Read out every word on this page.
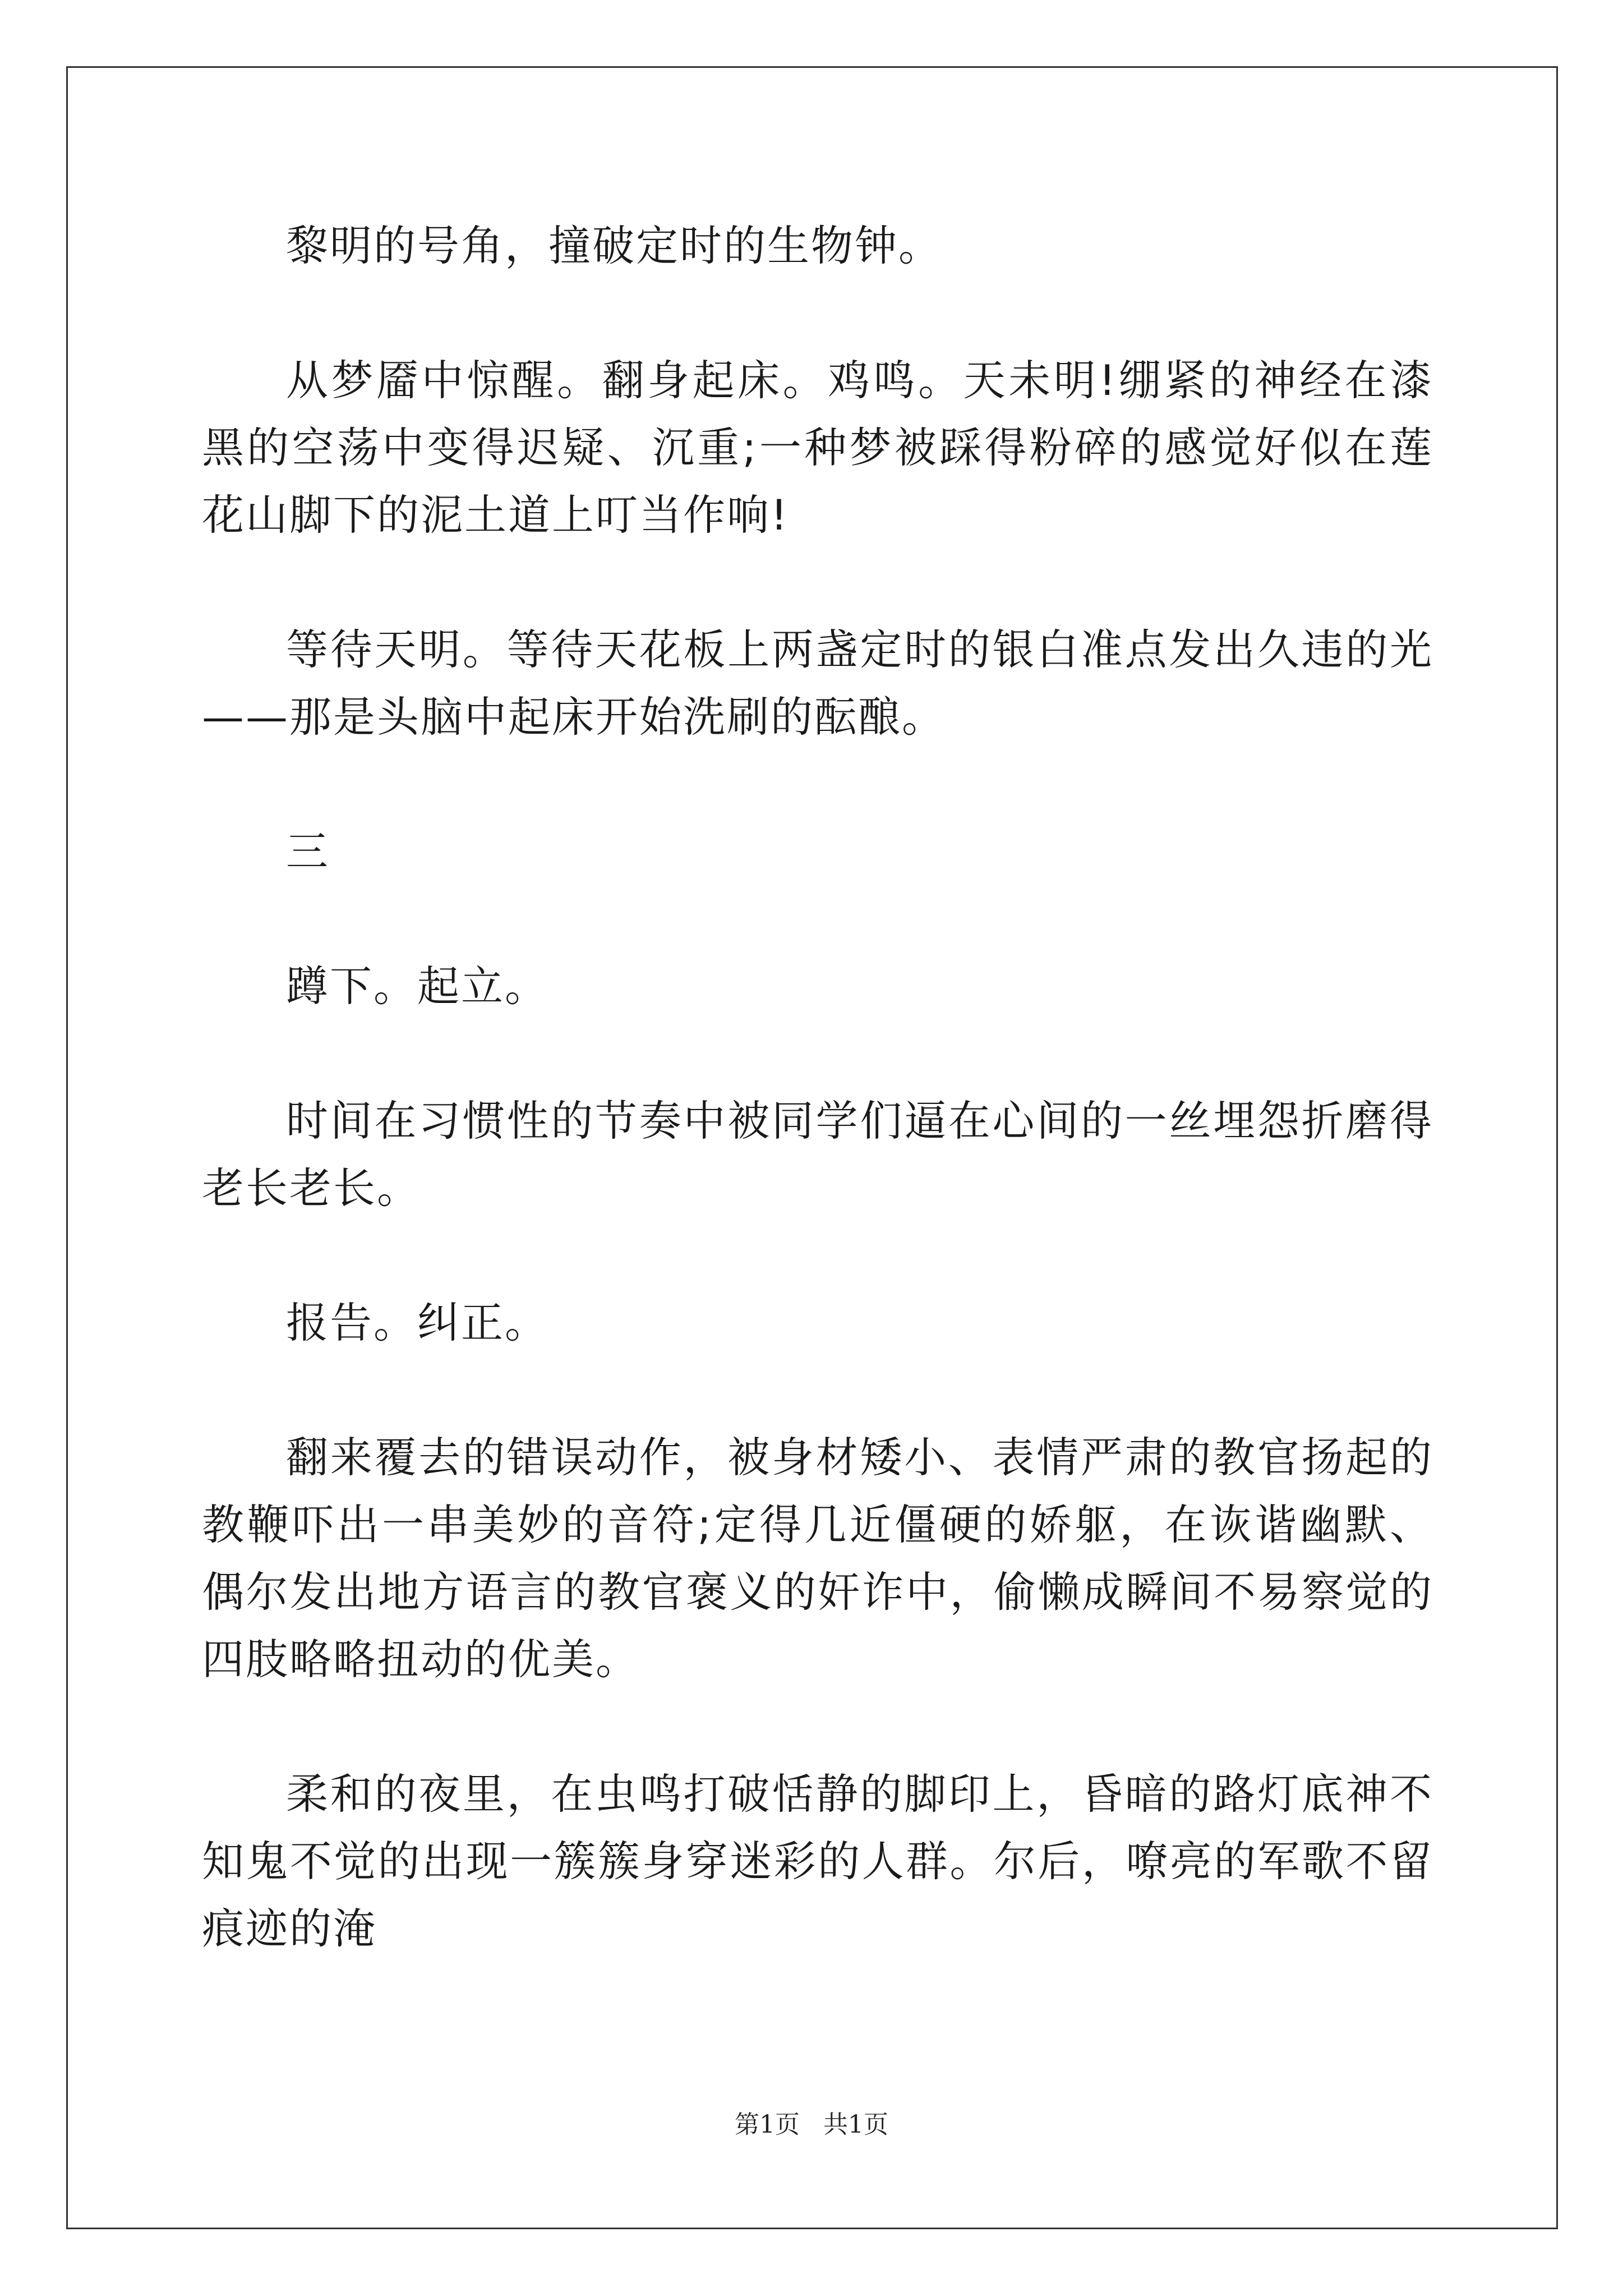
黎明的号角，撞破定时的生物钟。

从梦靥中惊醒。翻身起床。鸡鸣。天未明!绷紧的神经在漆黑的空荡中变得迟疑、沉重;一种梦被踩得粉碎的感觉好似在莲花山脚下的泥土道上叮当作响!

等待天明。等待天花板上两盏定时的银白准点发出久违的光——那是头脑中起床开始洗刷的酝酿。

三

蹲下。起立。

时间在习惯性的节奏中被同学们逼在心间的一丝埋怨折磨得老长老长。

报告。纠正。

翻来覆去的错误动作，被身材矮小、表情严肃的教官扬起的教鞭吓出一串美妙的音符;定得几近僵硬的娇躯，在诙谐幽默、偶尔发出地方语言的教官褒义的奸诈中，偷懒成瞬间不易察觉的四肢略略扭动的优美。

柔和的夜里，在虫鸣打破恬静的脚印上，昏暗的路灯底神不知鬼不觉的出现一簇簇身穿迷彩的人群。尔后，嘹亮的军歌不留痕迹的淹

第1页   共1页
